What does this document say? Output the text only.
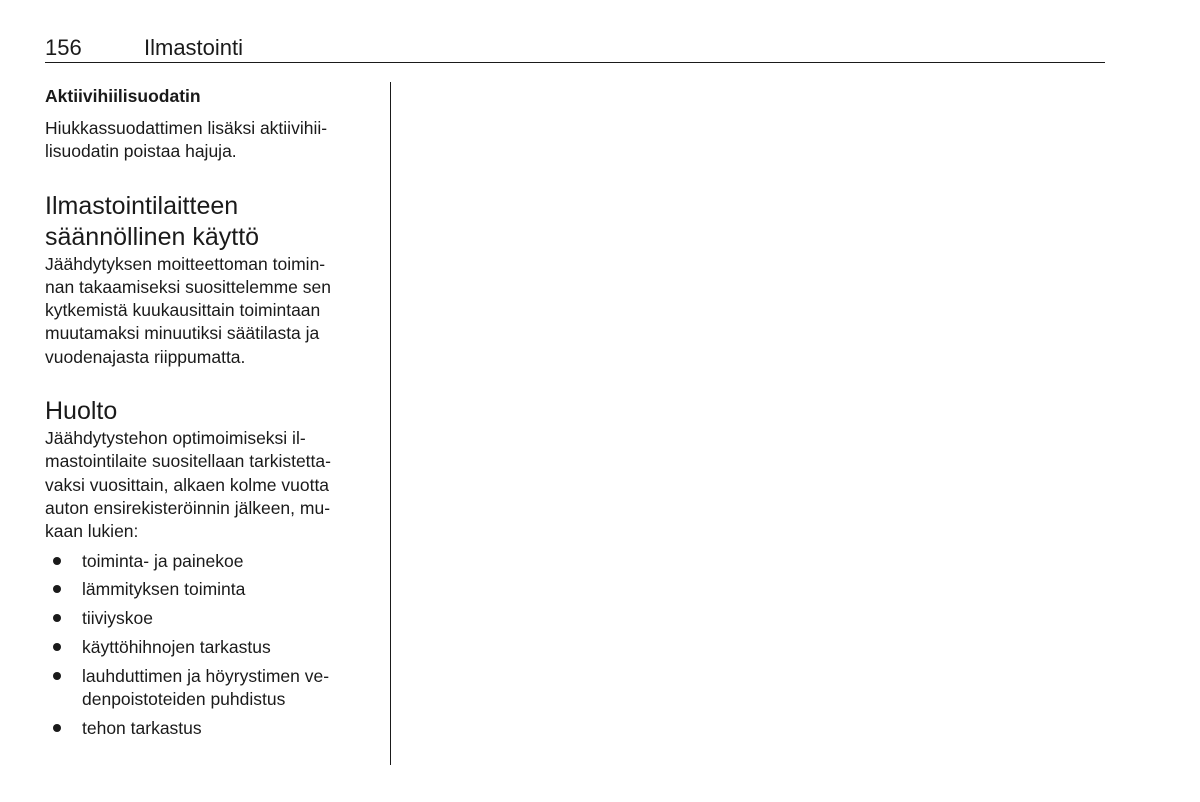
156	Ilmastointi
Aktiivihiilisuodatin

Hiukkassuodattimen lisäksi aktiivihii-
lisuodatin poistaa hajuja.

Ilmastointilaitteen
säännöllinen käyttö

Jäähdytyksen moitteettoman toimin-
nan takaamiseksi suosittelemme sen
kytkemistä kuukausittain toimintaan
muutamaksi minuutiksi säätilasta ja
vuodenajasta riippumatta.

Huolto

Jäähdytystehon optimoimiseksi il-
mastointilaite suositellaan tarkistetta-
vaksi vuosittain, alkaen kolme vuotta
auton ensirekisteröinnin jälkeen, mu-
kaan lukien:

toiminta- ja painekoe
lämmityksen toiminta
tiiviyskoe
käyttöhihnojen tarkastus
lauhduttimen ja höyrystimen ve-
denpoistoteiden puhdistus
tehon tarkastus
